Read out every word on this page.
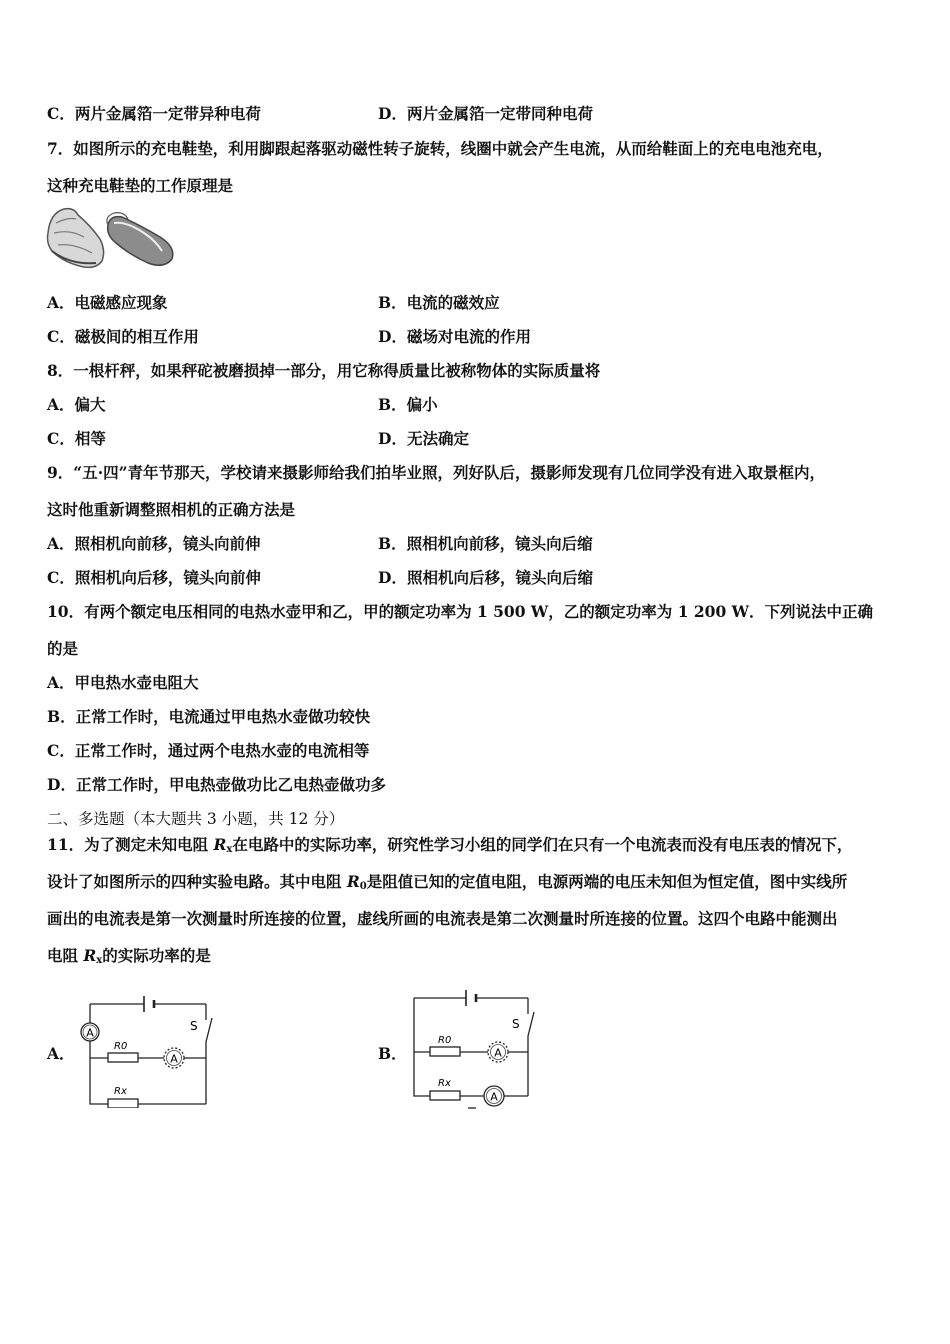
C．两片金属箔一定带异种电荷	D．两片金属箔一定带同种电荷
7．如图所示的充电鞋垫，利用脚跟起落驱动磁性转子旋转，线圈中就会产生电流，从而给鞋面上的充电电池充电，
这种充电鞋垫的工作原理是
A．电磁感应现象	B．电流的磁效应
C．磁极间的相互作用	D．磁场对电流的作用
8．一根杆秤，如果秤砣被磨损掉一部分，用它称得质量比被称物体的实际质量将
A．偏大	B．偏小
C．相等	D．无法确定
9．“五·四”青年节那天，学校请来摄影师给我们拍毕业照，列好队后，摄影师发现有几位同学没有进入取景框内，
这时他重新调整照相机的正确方法是
A．照相机向前移，镜头向前伸	B．照相机向前移，镜头向后缩
C．照相机向后移，镜头向前伸	D．照相机向后移，镜头向后缩
10．有两个额定电压相同的电热水壶甲和乙，甲的额定功率为 1 500 W，乙的额定功率为 1 200 W．下列说法中正确
的是
A．甲电热水壶电阻大
B．正常工作时，电流通过甲电热水壶做功较快
C．正常工作时，通过两个电热水壶的电流相等
D．正常工作时，甲电热壶做功比乙电热壶做功多
二、多选题（本大题共 3 小题，共 12 分）
11．为了测定未知电阻 $R_x$在电路中的实际功率，研究性学习小组的同学们在只有一个电流表而没有电压表的情况下，
设计了如图所示的四种实验电路。其中电阻 $R_0$是阻值已知的定值电阻，电源两端的电压未知但为恒定值，图中实线所
画出的电流表是第一次测量时所连接的位置，虚线所画的电流表是第二次测量时所连接的位置。这四个电路中能测出
电阻 $R_x$的实际功率的是
A．
A
A
S
R0
Rx
B．	A
A
S
R0
Rx
